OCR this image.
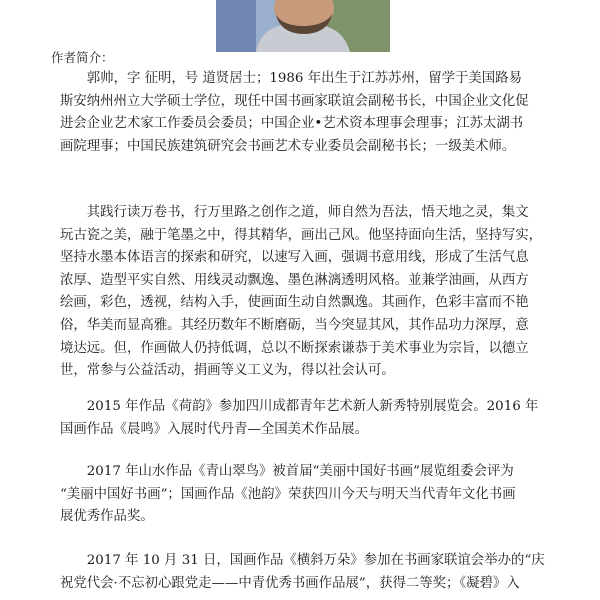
作者简介：
　　郭帅，字 征明，号 道贤居士；1986 年出生于江苏苏州，留学于美国路易
斯安纳州州立大学硕士学位，现任中国书画家联谊会副秘书长，中国企业文化促
进会企业艺术家工作委员会委员；中国企业•艺术资本理事会理事；江苏太湖书
画院理事；中国民族建筑研究会书画艺术专业委员会副秘书长；一级美术师。
　　其践行读万卷书，行万里路之创作之道，师自然为吾法，悟天地之灵，集文
玩古瓷之美，融于笔墨之中，得其精华，画出己风。他坚持面向生活，坚持写实，
坚持水墨本体语言的探索和研究，以速写入画，强调书意用线，形成了生活气息
浓厚、造型平实自然、用线灵动飘逸、墨色淋漓透明风格。並兼学油画，从西方
绘画，彩色，透视，结构入手，使画面生动自然飘逸。其画作，色彩丰富而不艳
俗，华美而显高雅。其经历数年不断磨砺，当今突显其风，其作品功力深厚，意
境达远。但，作画做人仍持低调，总以不断探索谦恭于美术事业为宗旨，以德立
世，常参与公益活动，捐画等义工义为，得以社会认可。
　　2015 年作品《荷韵》参加四川成都青年艺术新人新秀特别展览会。2016 年
国画作品《晨鸣》入展时代丹青—全国美术作品展。
　　2017 年山水作品《青山翠鸟》被首届“美丽中国好书画”展览组委会评为
“美丽中国好书画”；国画作品《池韵》荣获四川今天与明天当代青年文化书画
展优秀作品奖。
　　2017 年 10 月 31 日，国画作品《横斜万朵》参加在书画家联谊会举办的“庆
祝党代会·不忘初心跟党走——中青优秀书画作品展”，获得二等奖；《凝碧》入
